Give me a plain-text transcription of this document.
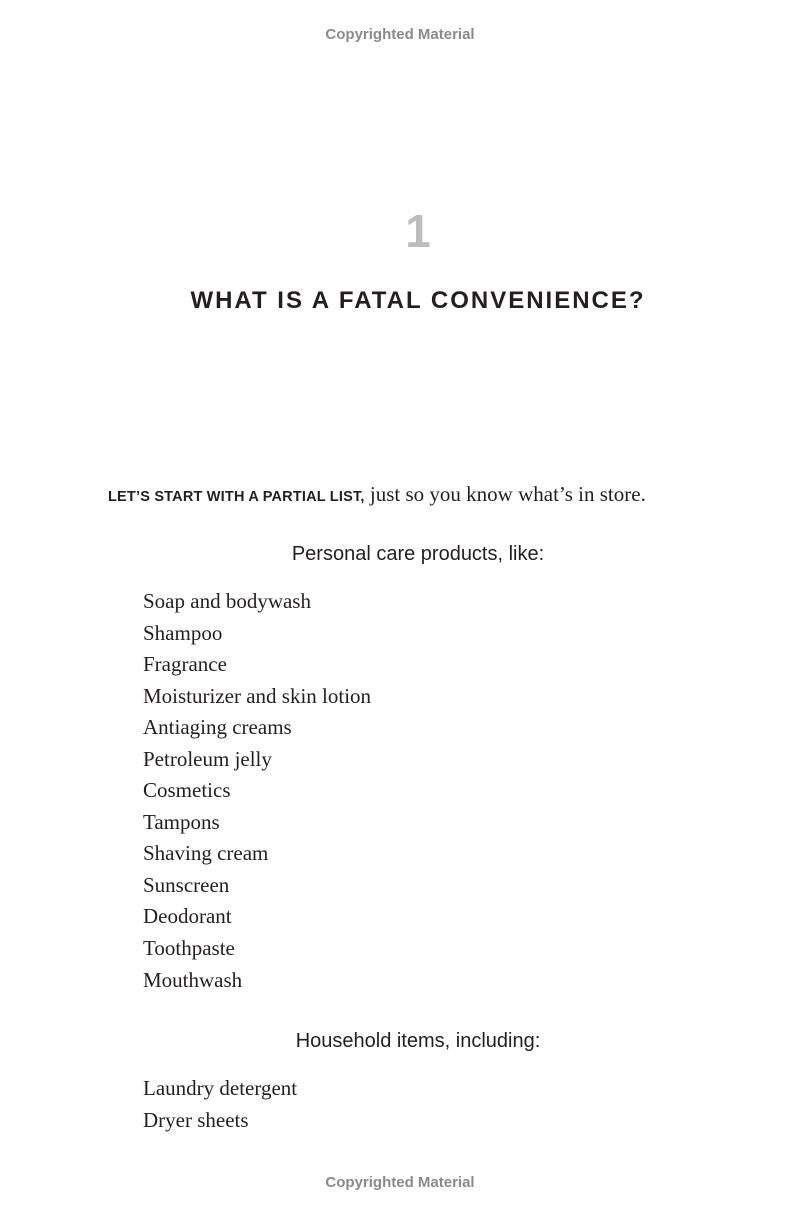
Copyrighted Material
1
WHAT IS A FATAL CONVENIENCE?

LET’S START WITH A PARTIAL LIST, just so you know what’s in store.

Personal care products, like:
Soap and bodywash
Shampoo
Fragrance
Moisturizer and skin lotion
Antiaging creams
Petroleum jelly
Cosmetics
Tampons
Shaving cream
Sunscreen
Deodorant
Toothpaste
Mouthwash
Household items, including:
Laundry detergent
Dryer sheets
Copyrighted Material
